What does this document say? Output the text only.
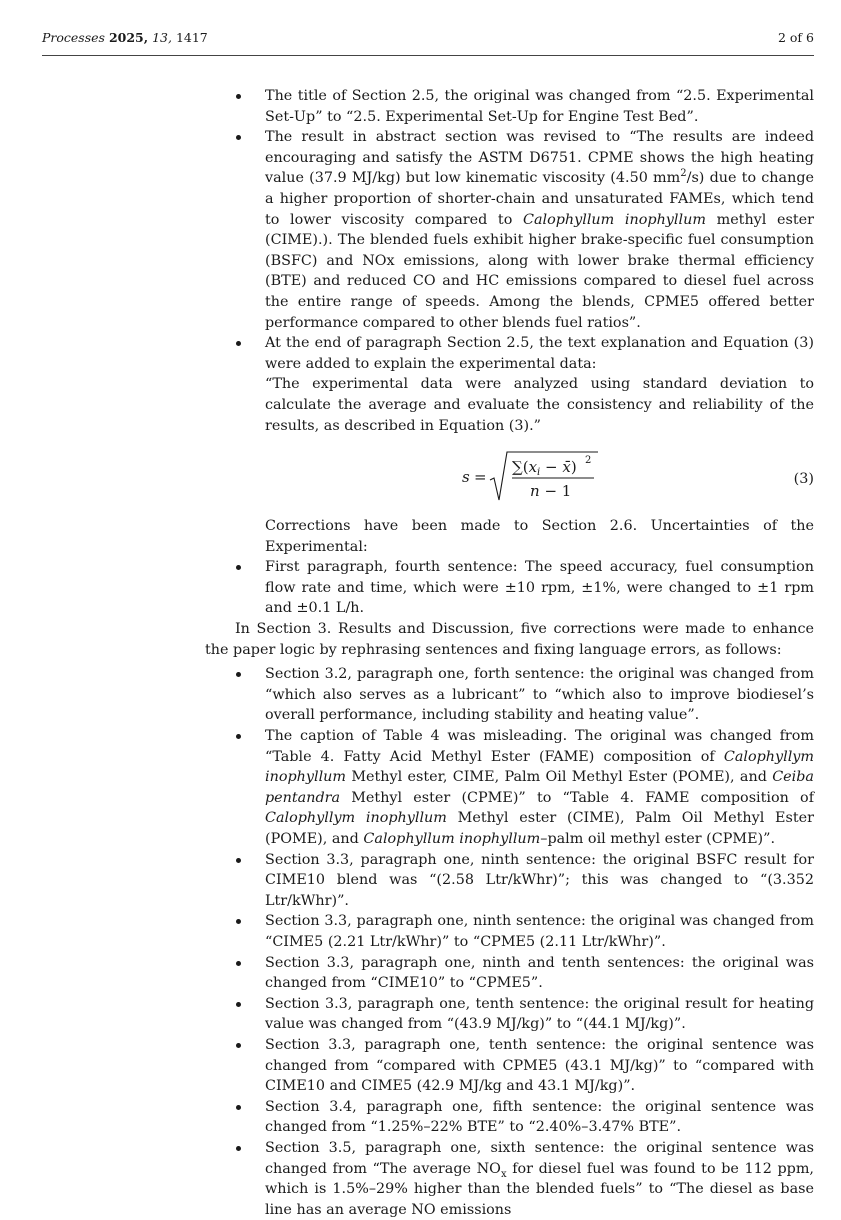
Processes 2025, 13, 1417	2 of 6

The title of Section 2.5, the original was changed from “2.5. Experimental Set-Up” to “2.5. Experimental Set-Up for Engine Test Bed”.

The result in abstract section was revised to “The results are indeed encouraging and satisfy the ASTM D6751. CPME shows the high heating value (37.9 MJ/kg) but low kinematic viscosity (4.50 $mm^2/s$) due to change a higher proportion of shorter-chain and unsaturated FAMEs, which tend to lower viscosity compared to Calophyllum inophyllum methyl ester (CIME).). The blended fuels exhibit higher brake-specific fuel consumption (BSFC) and NOx emissions, along with lower brake thermal efficiency (BTE) and reduced CO and HC emissions compared to diesel fuel across the entire range of speeds. Among the blends, CPME5 offered better performance compared to other blends fuel ratios”.

At the end of paragraph Section 2.5, the text explanation and Equation (3) were added to explain the experimental data:

“The experimental data were analyzed using standard deviation to calculate the average and evaluate the consistency and reliability of the results, as described in Equation (3).”

s =
$\sum(x_i$ − x̄) 2
n − 1
(3)

Corrections have been made to Section 2.6. Uncertainties of the Experimental:

First paragraph, fourth sentence: The speed accuracy, fuel consumption flow rate and time, which were ±10 rpm, ±1%, were changed to ±1 rpm and ±0.1 L/h.

In Section 3. Results and Discussion, five corrections were made to enhance the paper logic by rephrasing sentences and fixing language errors, as follows:

Section 3.2, paragraph one, forth sentence: the original was changed from “which also serves as a lubricant” to “which also to improve biodiesel’s overall performance, including stability and heating value”.

The caption of Table 4 was misleading. The original was changed from “Table 4. Fatty Acid Methyl Ester (FAME) composition of Calophyllym inophyllum Methyl ester, CIME, Palm Oil Methyl Ester (POME), and Ceiba pentandra Methyl ester (CPME)” to “Table 4. FAME composition of Calophyllym inophyllum Methyl ester (CIME), Palm Oil Methyl Ester (POME), and Calophyllum inophyllum–palm oil methyl ester (CPME)”.

Section 3.3, paragraph one, ninth sentence: the original BSFC result for CIME10 blend was “(2.58 Ltr/kWhr)”; this was changed to “(3.352 Ltr/kWhr)”.

Section 3.3, paragraph one, ninth sentence: the original was changed from “CIME5 (2.21 Ltr/kWhr)” to “CPME5 (2.11 Ltr/kWhr)”.

Section 3.3, paragraph one, ninth and tenth sentences: the original was changed from “CIME10” to “CPME5”.

Section 3.3, paragraph one, tenth sentence: the original result for heating value was changed from “(43.9 MJ/kg)” to “(44.1 MJ/kg)”.

Section 3.3, paragraph one, tenth sentence: the original sentence was changed from “compared with CPME5 (43.1 MJ/kg)” to “compared with CIME10 and CIME5 (42.9 MJ/kg and 43.1 MJ/kg)”.

Section 3.4, paragraph one, fifth sentence: the original sentence was changed from “1.25%–22% BTE” to “2.40%–3.47% BTE”.

Section 3.5, paragraph one, sixth sentence: the original sentence was changed from “The average $NO_x$ for diesel fuel was found to be 112 ppm, which is 1.5%–29% higher than the blended fuels” to “The diesel as base line has an average NO emissions
